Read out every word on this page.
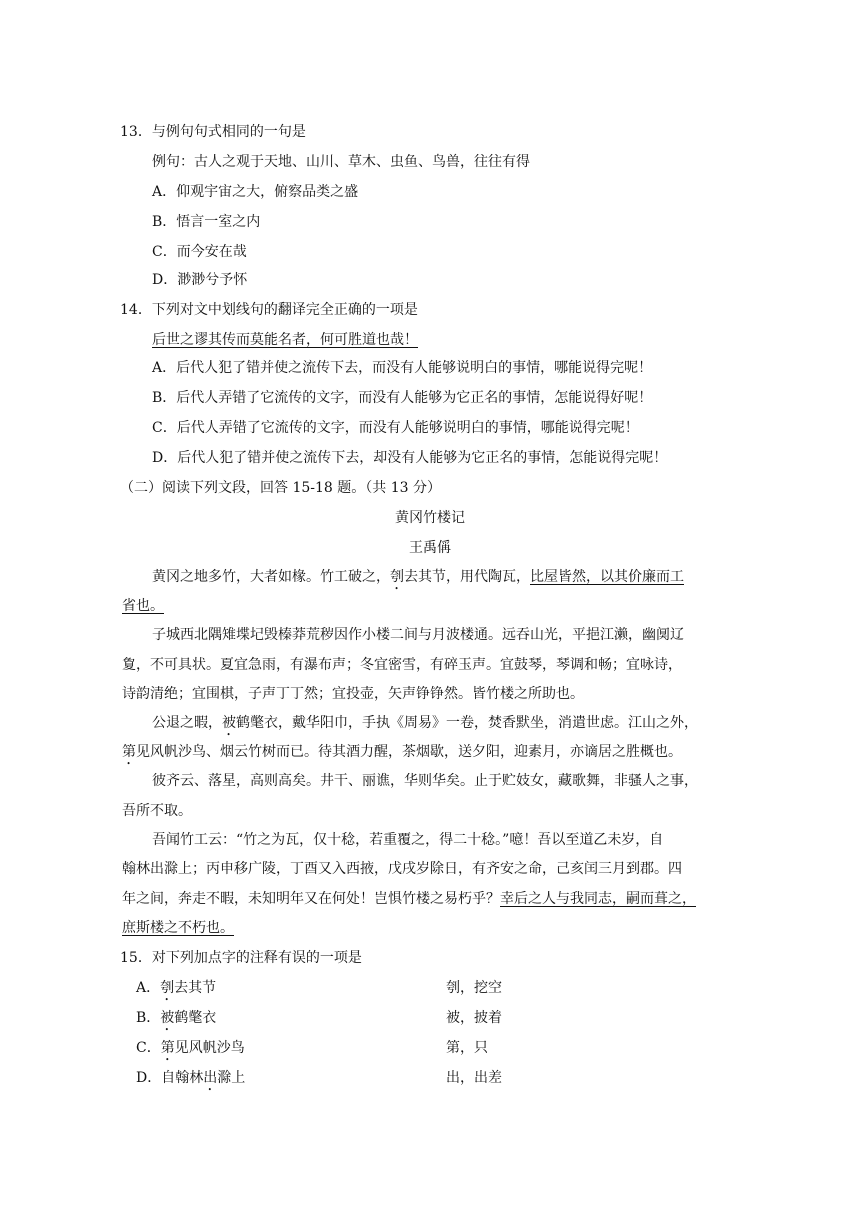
13．与例句句式相同的一句是
例句：古人之观于天地、山川、草木、虫鱼、鸟兽，往往有得
A．仰观宇宙之大，俯察品类之盛
B．悟言一室之内
C．而今安在哉
D．渺渺兮予怀
14．下列对文中划线句的翻译完全正确的一项是
后世之谬其传而莫能名者，何可胜道也哉！
A．后代人犯了错并使之流传下去，而没有人能够说明白的事情，哪能说得完呢！
B．后代人弄错了它流传的文字，而没有人能够为它正名的事情，怎能说得好呢！
C．后代人弄错了它流传的文字，而没有人能够说明白的事情，哪能说得完呢！
D．后代人犯了错并使之流传下去，却没有人能够为它正名的事情，怎能说得完呢！
（二）阅读下列文段，回答 15-18 题。（共 13 分）
黄冈竹楼记
王禹偁
黄冈之地多竹，大者如椽。竹工破之，刳去其节，用代陶瓦，比屋皆然，以其价廉而工
省也。
子城西北隅雉堞圮毁榛莽荒秽因作小楼二间与月波楼通。远吞山光，平挹江濑，幽阒辽
夐，不可具状。夏宜急雨，有瀑布声；冬宜密雪，有碎玉声。宜鼓琴，琴调和畅；宜咏诗，
诗韵清绝；宜围棋，子声丁丁然；宜投壶，矢声铮铮然。皆竹楼之所助也。
公退之暇，被鹤氅衣，戴华阳巾，手执《周易》一卷，焚香默坐，消遣世虑。江山之外，
第见风帆沙鸟、烟云竹树而已。待其酒力醒，茶烟歇，送夕阳，迎素月，亦谪居之胜概也。
彼齐云、落星，高则高矣。井干、丽谯，华则华矣。止于贮妓女，藏歌舞，非骚人之事，
吾所不取。
吾闻竹工云：“竹之为瓦，仅十稔，若重覆之，得二十稔。”噫！吾以至道乙未岁，自
翰林出滁上；丙申移广陵，丁酉又入西掖，戊戌岁除日，有齐安之命，己亥闰三月到郡。四
年之间，奔走不暇，未知明年又在何处！岂惧竹楼之易朽乎？幸后之人与我同志，嗣而葺之，
庶斯楼之不朽也。
15．对下列加点字的注释有误的一项是
A．刳去其节	刳，挖空
B．被鹤氅衣	被，披着
C．第见风帆沙鸟	第，只
D．自翰林出滁上	出，出差
